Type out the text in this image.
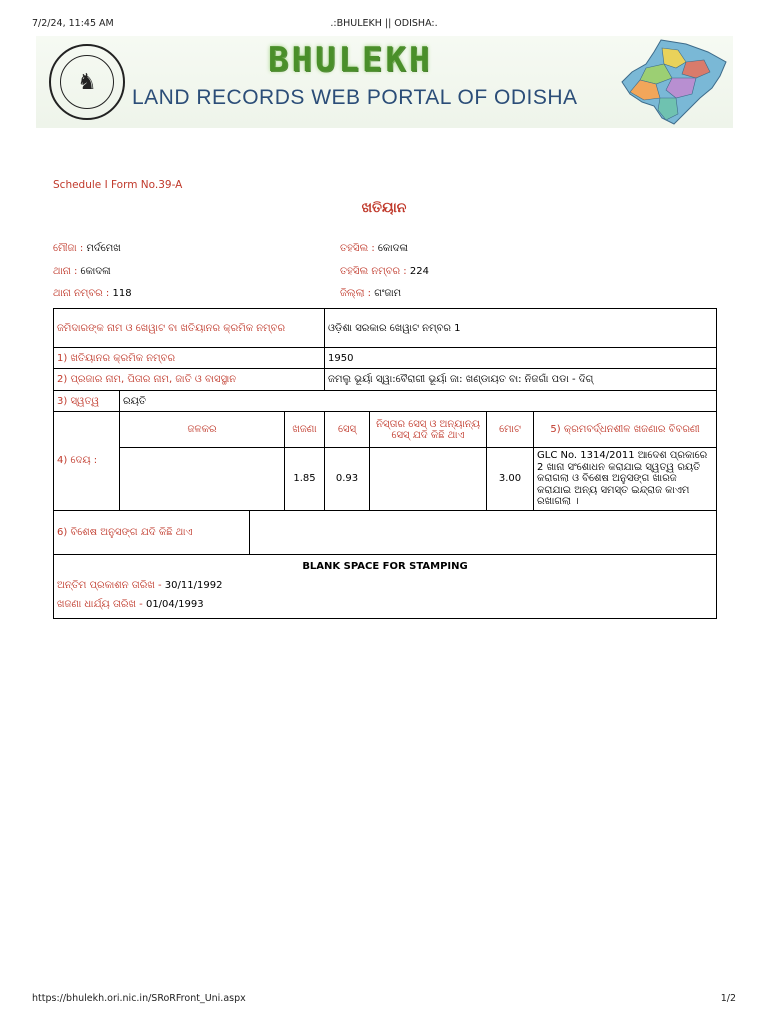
7/2/24, 11:45 AM	.:BHULEKH || ODISHA:.
♞
BHULEKH
LAND RECORDS WEB PORTAL OF ODISHA
Schedule I Form No.39-A
ଖତିୟାନ
ମୌଜା : ମର୍ଦମେଖ	ତହସିଲ : କୋଦଳା
ଥାନା : କୋଦଳା	ତହସିଲ ନମ୍ବର : 224
ଥାନା ନମ୍ବର : 118	ଜିଲ୍ଲା : ଗଂଜାମ
ଜମିଦାରଙ୍କ ନାମ ଓ ଖେୱାଟ ବା ଖତିୟାନର କ୍ରମିକ ନମ୍ବର				ଓଡ଼ିଶା ସରକାର ଖେୱାଟ ନମ୍ବର 1			
1) ଖତିୟାନର କ୍ରମିକ ନମ୍ବର				1950			
2) ପ୍ରଜାର ନାମ, ପିତାର ନାମ, ଜାତି ଓ ବାସସ୍ଥାନ				ଜମଲୁ ଭୂର୍ୟା ସ୍ୱା:ବୈରାଗୀ ଭୂର୍ୟା ଜା: ଖଣ୍ଡାୟତ ବା: ନିଜଗାଁ ପଡା - ଦିଗ୍			
3) ସ୍ୱତ୍ୱ	ରୟତି						
4) ଦେୟ :	ଜଳକର		ଖଜଣା	ସେସ୍	ନିସ୍ତାର ସେସ୍ ଓ ଅନ୍ୟାନ୍ୟ ସେସ୍ ଯଦି କିଛି ଥାଏ	ମୋଟ	5) କ୍ରମବର୍ଦ୍ଧନଶୀଳ ଖଜଣାର ବିବରଣୀ
			1.85	0.93		3.00	GLC No. 1314/2011 ଆଦେଶ ପ୍ରକାରେ 2 ଖାନା ସଂଶୋଧନ କରାଯାଇ ସ୍ୱତ୍ୱ ରୟତି କରାଗଲା ଓ ବିଶେଷ ଅନୁସଙ୍ଗ ଖାରଜ କରାଯାଇ ଅନ୍ୟ ସମସ୍ତ ଇନ୍ଦ୍ରାଜ କାଏମ ରଖାଗଲା ।
6) ବିଶେଷ ଅନୁସଙ୍ଗ ଯଦି କିଛି ଥାଏ							

BLANK SPACE FOR STAMPING
ଅନ୍ତିମ ପ୍ରକାଶନ ତାରିଖ - 30/11/1992
ଖଜଣା ଧାର୍ଯ୍ୟ ତାରିଖ - 01/04/1993							
https://bhulekh.ori.nic.in/SRoRFront_Uni.aspx	1/2
